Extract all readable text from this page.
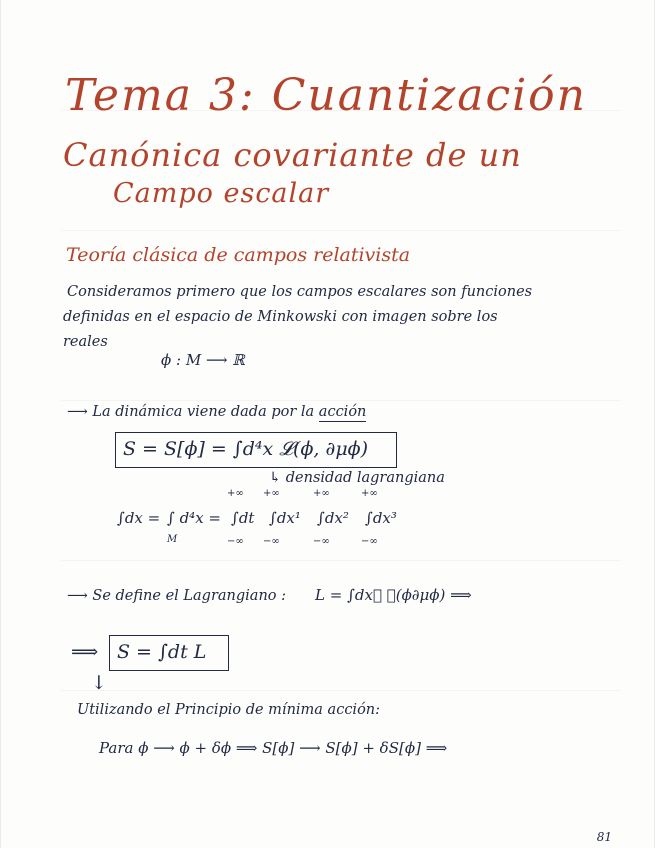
Tema 3: Cuantización
Canónica covariante de un
Campo escalar
Teoría clásica de campos relativista
Consideramos primero que los campos escalares son funciones
definidas en el espacio de Minkowski con imagen sobre los
reales
ϕ : M ⟶ ℝ
⟶ La dinámica viene dada por la acción
S = S[ϕ] = ∫d⁴x 𝓛(ϕ, ∂μϕ)
↳ densidad lagrangiana
∫dx = ∫ d⁴x =
M
+∞
∫dt
−∞
+∞
∫dx¹
−∞
+∞
∫dx²
−∞
+∞
∫dx³
−∞
⟶ Se define el Lagrangiano : L = ∫dx⃗ 𝓛(ϕ∂μϕ) ⟹
⟹ S = ∫dt L
↓
Utilizando el Principio de mínima acción:
Para ϕ ⟶ ϕ + δϕ ⟹ S[ϕ] ⟶ S[ϕ] + δS[ϕ] ⟹
81
